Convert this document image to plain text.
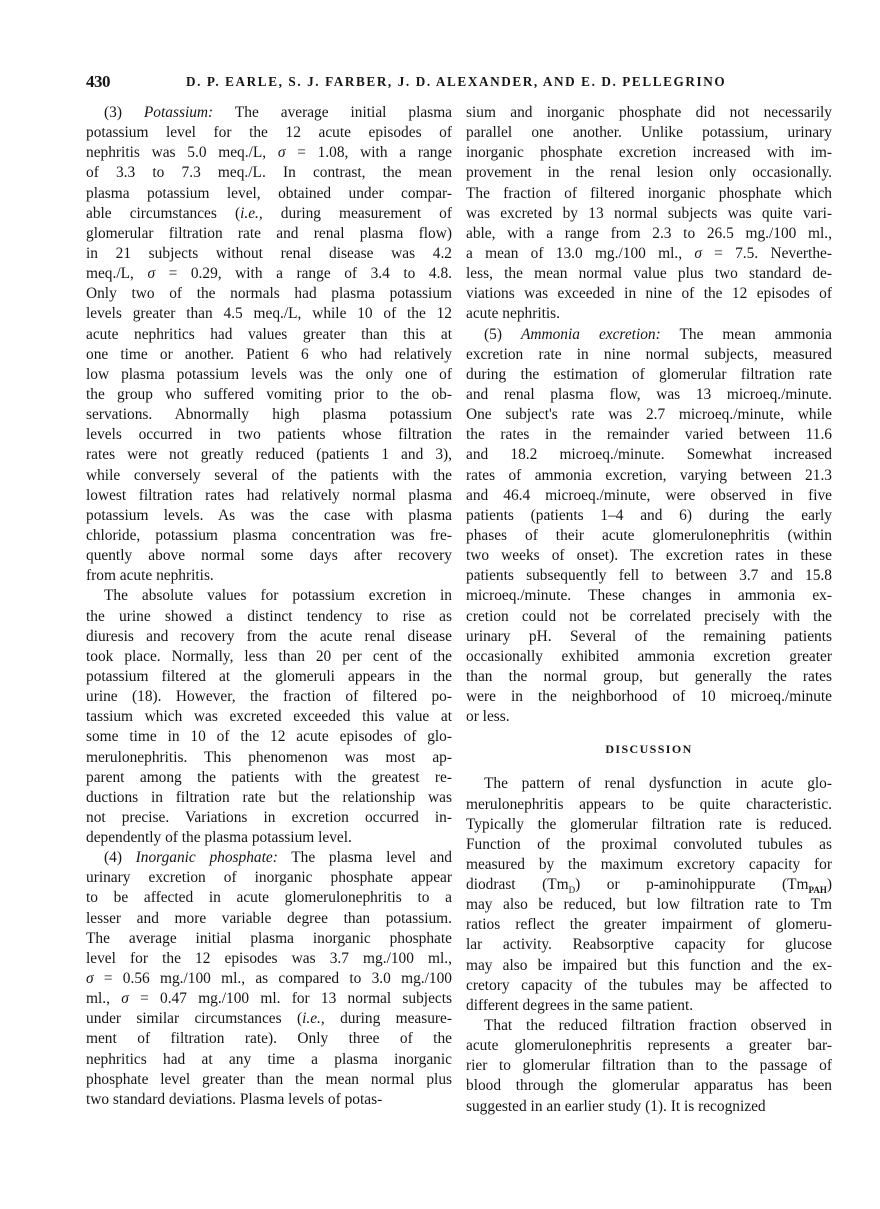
430	D. P. EARLE, S. J. FARBER, J. D. ALEXANDER, AND E. D. PELLEGRINO
(3) Potassium: The average initial plasma
potassium level for the 12 acute episodes of
nephritis was 5.0 meq./L, σ = 1.08, with a range
of 3.3 to 7.3 meq./L. In contrast, the mean
plasma potassium level, obtained under compar-
able circumstances (i.e., during measurement of
glomerular filtration rate and renal plasma flow)
in 21 subjects without renal disease was 4.2
meq./L, σ = 0.29, with a range of 3.4 to 4.8.
Only two of the normals had plasma potassium
levels greater than 4.5 meq./L, while 10 of the 12
acute nephritics had values greater than this at
one time or another. Patient 6 who had relatively
low plasma potassium levels was the only one of
the group who suffered vomiting prior to the ob-
servations. Abnormally high plasma potassium
levels occurred in two patients whose filtration
rates were not greatly reduced (patients 1 and 3),
while conversely several of the patients with the
lowest filtration rates had relatively normal plasma
potassium levels. As was the case with plasma
chloride, potassium plasma concentration was fre-
quently above normal some days after recovery
from acute nephritis.
The absolute values for potassium excretion in
the urine showed a distinct tendency to rise as
diuresis and recovery from the acute renal disease
took place. Normally, less than 20 per cent of the
potassium filtered at the glomeruli appears in the
urine (18). However, the fraction of filtered po-
tassium which was excreted exceeded this value at
some time in 10 of the 12 acute episodes of glo-
merulonephritis. This phenomenon was most ap-
parent among the patients with the greatest re-
ductions in filtration rate but the relationship was
not precise. Variations in excretion occurred in-
dependently of the plasma potassium level.
(4) Inorganic phosphate: The plasma level and
urinary excretion of inorganic phosphate appear
to be affected in acute glomerulonephritis to a
lesser and more variable degree than potassium.
The average initial plasma inorganic phosphate
level for the 12 episodes was 3.7 mg./100 ml.,
σ = 0.56 mg./100 ml., as compared to 3.0 mg./100
ml., σ = 0.47 mg./100 ml. for 13 normal subjects
under similar circumstances (i.e., during measure-
ment of filtration rate). Only three of the
nephritics had at any time a plasma inorganic
phosphate level greater than the mean normal plus
two standard deviations. Plasma levels of potas-
sium and inorganic phosphate did not necessarily
parallel one another. Unlike potassium, urinary
inorganic phosphate excretion increased with im-
provement in the renal lesion only occasionally.
The fraction of filtered inorganic phosphate which
was excreted by 13 normal subjects was quite vari-
able, with a range from 2.3 to 26.5 mg./100 ml.,
a mean of 13.0 mg./100 ml., σ = 7.5. Neverthe-
less, the mean normal value plus two standard de-
viations was exceeded in nine of the 12 episodes of
acute nephritis.
(5) Ammonia excretion: The mean ammonia
excretion rate in nine normal subjects, measured
during the estimation of glomerular filtration rate
and renal plasma flow, was 13 microeq./minute.
One subject's rate was 2.7 microeq./minute, while
the rates in the remainder varied between 11.6
and 18.2 microeq./minute. Somewhat increased
rates of ammonia excretion, varying between 21.3
and 46.4 microeq./minute, were observed in five
patients (patients 1–4 and 6) during the early
phases of their acute glomerulonephritis (within
two weeks of onset). The excretion rates in these
patients subsequently fell to between 3.7 and 15.8
microeq./minute. These changes in ammonia ex-
cretion could not be correlated precisely with the
urinary pH. Several of the remaining patients
occasionally exhibited ammonia excretion greater
than the normal group, but generally the rates
were in the neighborhood of 10 microeq./minute
or less.
DISCUSSION
The pattern of renal dysfunction in acute glo-
merulonephritis appears to be quite characteristic.
Typically the glomerular filtration rate is reduced.
Function of the proximal convoluted tubules as
measured by the maximum excretory capacity for
diodrast $(Tm_D)$ or p-aminohippurate $(Tm_{PAH})$
may also be reduced, but low filtration rate to Tm
ratios reflect the greater impairment of glomeru-
lar activity. Reabsorptive capacity for glucose
may also be impaired but this function and the ex-
cretory capacity of the tubules may be affected to
different degrees in the same patient.
That the reduced filtration fraction observed in
acute glomerulonephritis represents a greater bar-
rier to glomerular filtration than to the passage of
blood through the glomerular apparatus has been
suggested in an earlier study (1). It is recognized
